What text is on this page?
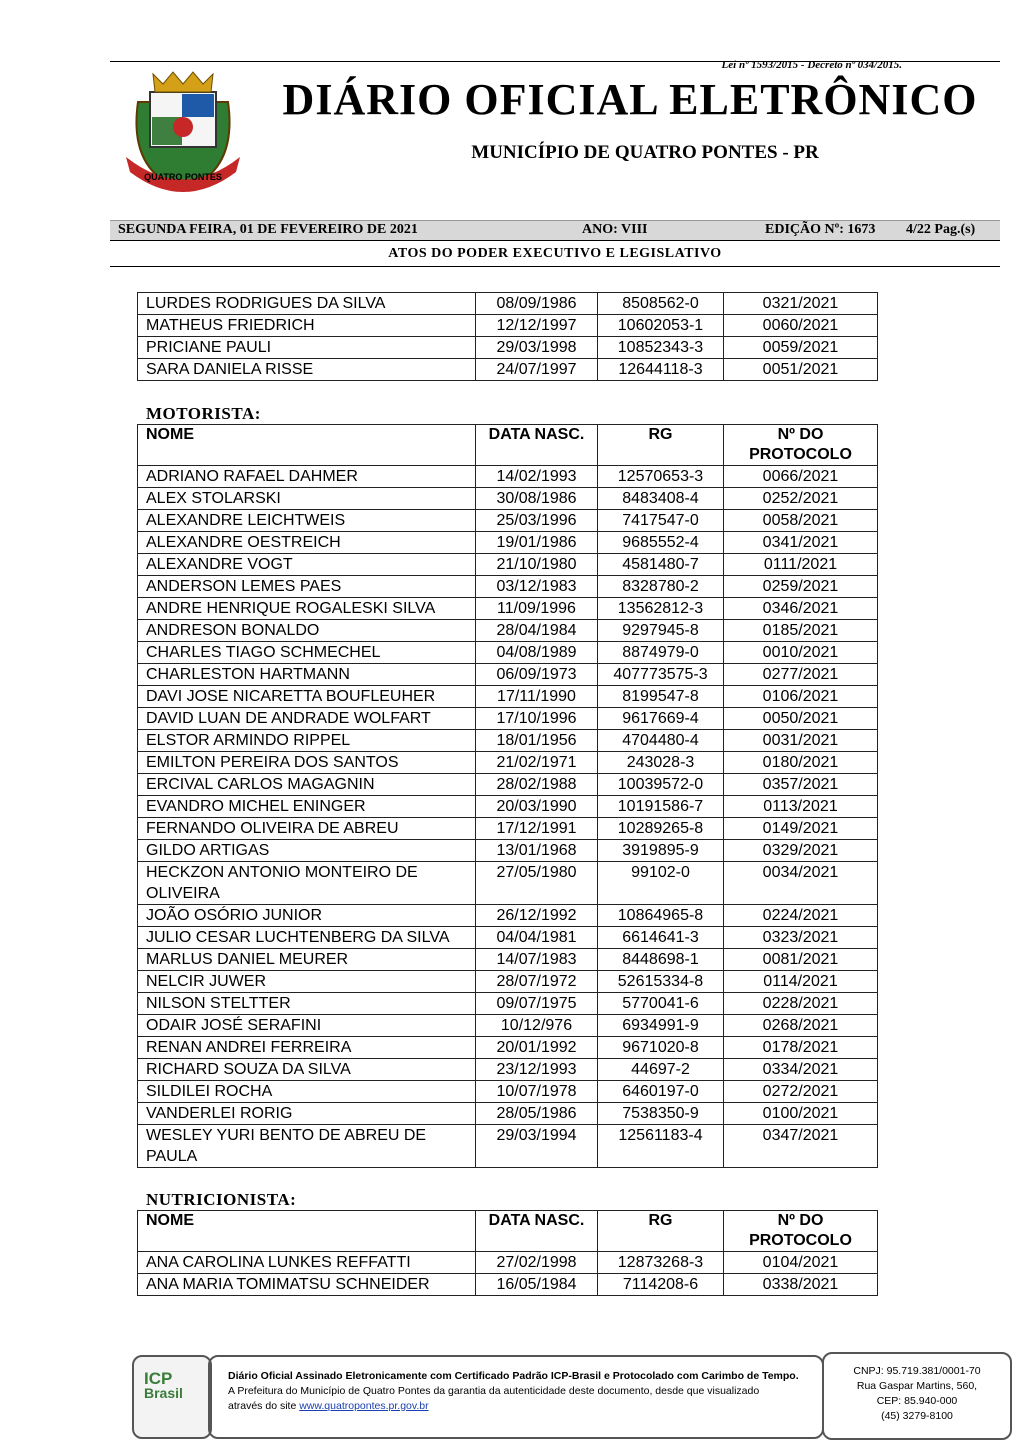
Lei nº 1593/2015 - Decreto nº 034/2015.
QUATRO PONTES
DIÁRIO OFICIAL ELETRÔNICO
MUNICÍPIO DE QUATRO PONTES - PR
SEGUNDA FEIRA, 01 DE FEVEREIRO DE 2021	ANO: VIII	EDIÇÃO Nº: 1673 4/22 Pag.(s)
ATOS DO PODER EXECUTIVO E LEGISLATIVO
LURDES RODRIGUES DA SILVA	08/09/1986	8508562-0	0321/2021
MATHEUS FRIEDRICH	12/12/1997	10602053-1	0060/2021
PRICIANE PAULI	29/03/1998	10852343-3	0059/2021
SARA DANIELA RISSE	24/07/1997	12644118-3	0051/2021
MOTORISTA:
NOME	DATA NASC.	RG	Nº DO PROTOCOLO
ADRIANO RAFAEL DAHMER	14/02/1993	12570653-3	0066/2021
ALEX STOLARSKI	30/08/1986	8483408-4	0252/2021
ALEXANDRE LEICHTWEIS	25/03/1996	7417547-0	0058/2021
ALEXANDRE OESTREICH	19/01/1986	9685552-4	0341/2021
ALEXANDRE VOGT	21/10/1980	4581480-7	0111/2021
ANDERSON LEMES PAES	03/12/1983	8328780-2	0259/2021
ANDRE HENRIQUE ROGALESKI SILVA	11/09/1996	13562812-3	0346/2021
ANDRESON BONALDO	28/04/1984	9297945-8	0185/2021
CHARLES TIAGO SCHMECHEL	04/08/1989	8874979-0	0010/2021
CHARLESTON HARTMANN	06/09/1973	407773575-3	0277/2021
DAVI JOSE NICARETTA BOUFLEUHER	17/11/1990	8199547-8	0106/2021
DAVID LUAN DE ANDRADE WOLFART	17/10/1996	9617669-4	0050/2021
ELSTOR ARMINDO RIPPEL	18/01/1956	4704480-4	0031/2021
EMILTON PEREIRA DOS SANTOS	21/02/1971	243028-3	0180/2021
ERCIVAL CARLOS MAGAGNIN	28/02/1988	10039572-0	0357/2021
EVANDRO MICHEL ENINGER	20/03/1990	10191586-7	0113/2021
FERNANDO OLIVEIRA DE ABREU	17/12/1991	10289265-8	0149/2021
GILDO ARTIGAS	13/01/1968	3919895-9	0329/2021
HECKZON ANTONIO MONTEIRO DE OLIVEIRA	27/05/1980	99102-0	0034/2021
JOÃO OSÓRIO JUNIOR	26/12/1992	10864965-8	0224/2021
JULIO CESAR LUCHTENBERG DA SILVA	04/04/1981	6614641-3	0323/2021
MARLUS DANIEL MEURER	14/07/1983	8448698-1	0081/2021
NELCIR JUWER	28/07/1972	52615334-8	0114/2021
NILSON STELTTER	09/07/1975	5770041-6	0228/2021
ODAIR JOSÉ SERAFINI	10/12/976	6934991-9	0268/2021
RENAN ANDREI FERREIRA	20/01/1992	9671020-8	0178/2021
RICHARD SOUZA DA SILVA	23/12/1993	44697-2	0334/2021
SILDILEI ROCHA	10/07/1978	6460197-0	0272/2021
VANDERLEI RORIG	28/05/1986	7538350-9	0100/2021
WESLEY YURI BENTO DE ABREU DE PAULA	29/03/1994	12561183-4	0347/2021
NUTRICIONISTA:
NOME	DATA NASC.	RG	Nº DO PROTOCOLO
ANA CAROLINA LUNKES REFFATTI	27/02/1998	12873268-3	0104/2021
ANA MARIA TOMIMATSU SCHNEIDER	16/05/1984	7114208-6	0338/2021
ICP
Brasil
Diário Oficial Assinado Eletronicamente com Certificado Padrão ICP-Brasil e Protocolado com Carimbo de Tempo.
A Prefeitura do Município de Quatro Pontes da garantia da autenticidade deste documento, desde que visualizado
através do site www.quatropontes.pr.gov.br
CNPJ: 95.719.381/0001-70
Rua Gaspar Martins, 560,
CEP: 85.940-000
(45) 3279-8100
